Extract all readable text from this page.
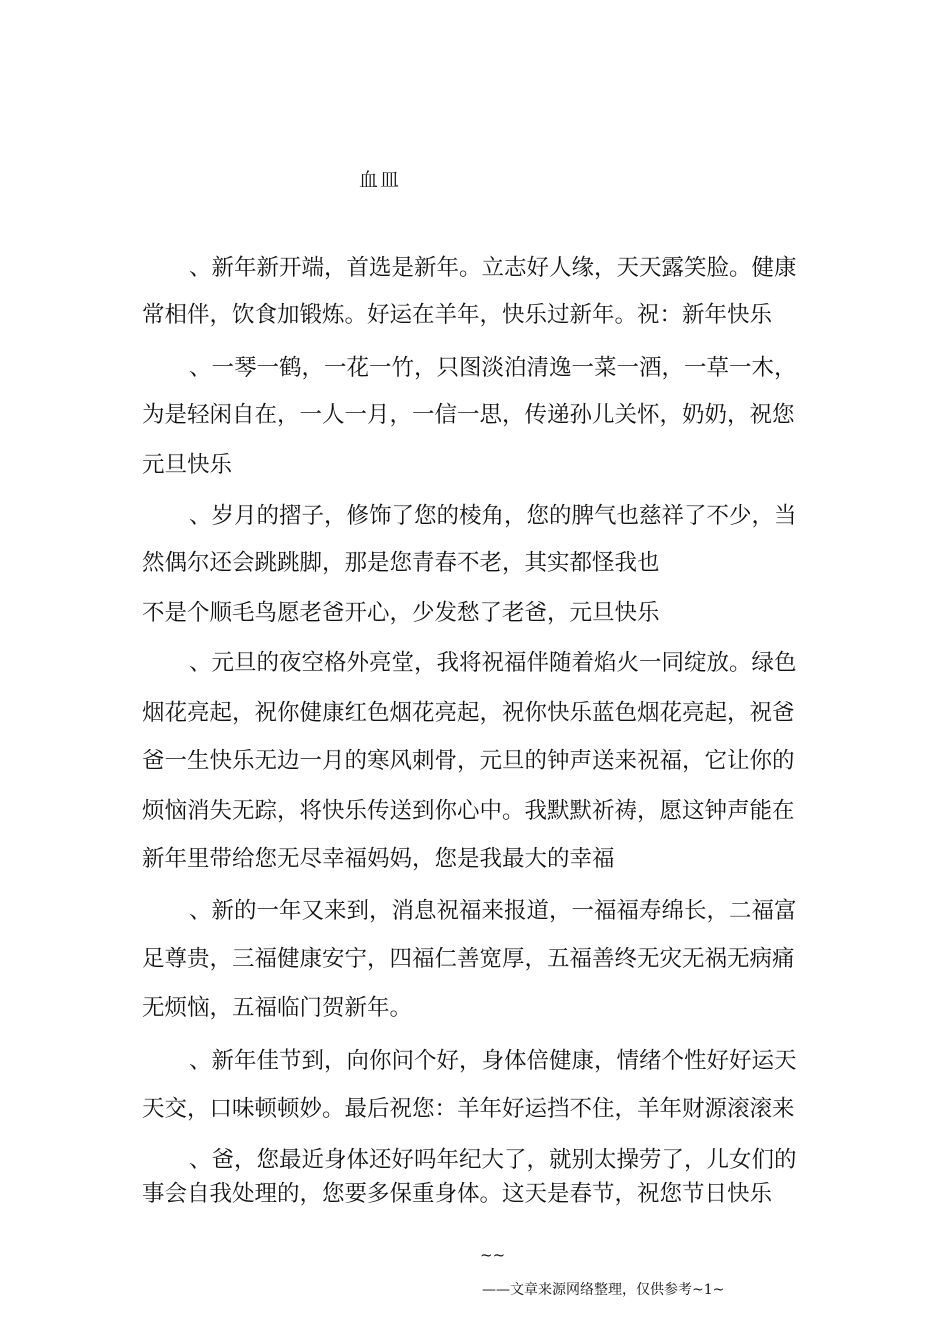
血皿
、新年新开端，首选是新年。立志好人缘，天天露笑脸。健康
常相伴，饮食加锻炼。好运在羊年，快乐过新年。祝：新年快乐
、一琴一鹤，一花一竹，只图淡泊清逸一菜一酒，一草一木，
为是轻闲自在，一人一月，一信一思，传递孙儿关怀，奶奶，祝您
元旦快乐
、岁月的摺子，修饰了您的棱角，您的脾气也慈祥了不少，当
然偶尔还会跳跳脚，那是您青春不老，其实都怪我也
不是个顺毛鸟愿老爸开心，少发愁了老爸，元旦快乐
、元旦的夜空格外亮堂，我将祝福伴随着焰火一同绽放。绿色
烟花亮起，祝你健康红色烟花亮起，祝你快乐蓝色烟花亮起，祝爸
爸一生快乐无边一月的寒风刺骨，元旦的钟声送来祝福，它让你的
烦恼消失无踪，将快乐传送到你心中。我默默祈祷，愿这钟声能在
新年里带给您无尽幸福妈妈，您是我最大的幸福
、新的一年又来到，消息祝福来报道，一福福寿绵长，二福富
足尊贵，三福健康安宁，四福仁善宽厚，五福善终无灾无祸无病痛
无烦恼，五福临门贺新年。
、新年佳节到，向你问个好，身体倍健康，情绪个性好好运天
天交，口味顿顿妙。最后祝您：羊年好运挡不住，羊年财源滚滚来
、爸，您最近身体还好吗年纪大了，就别太操劳了，儿女们的
事会自我处理的，您要多保重身体。这天是春节，祝您节日快乐
~~
——文章来源网络整理，仅供参考~1~
